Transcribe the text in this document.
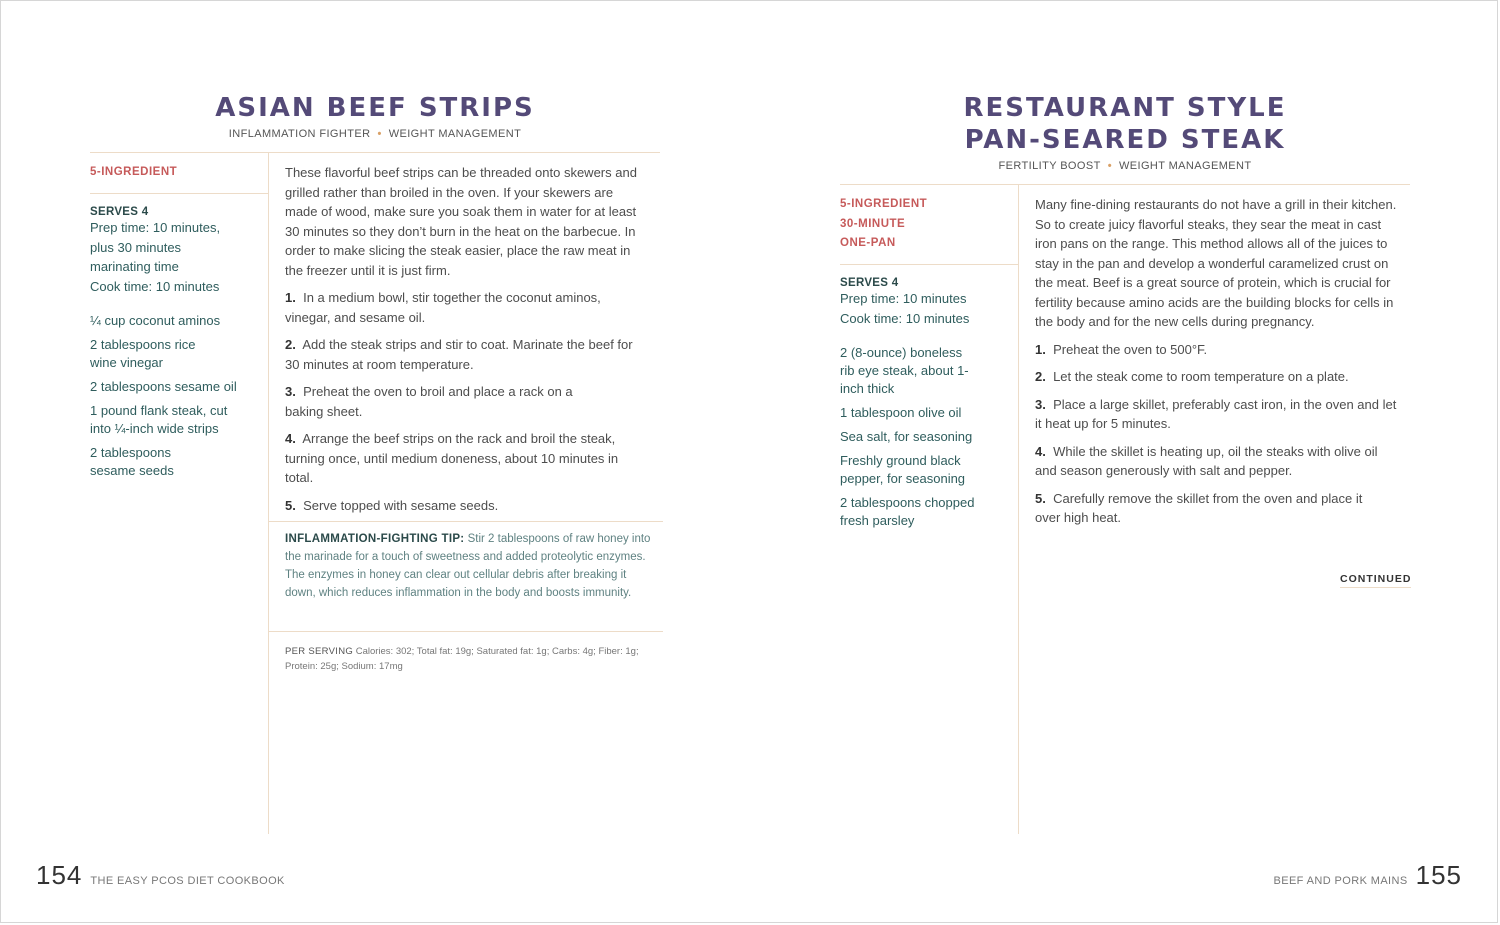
ASIAN BEEF STRIPS
INFLAMMATION FIGHTER • WEIGHT MANAGEMENT
5-INGREDIENT
SERVES 4
Prep time: 10 minutes,
plus 30 minutes
marinating time
Cook time: 10 minutes
¼ cup coconut aminos
2 tablespoons rice wine vinegar
2 tablespoons sesame oil
1 pound flank steak, cut into ¼-inch wide strips
2 tablespoons sesame seeds
These flavorful beef strips can be threaded onto skewers and grilled rather than broiled in the oven. If your skewers are made of wood, make sure you soak them in water for at least 30 minutes so they don’t burn in the heat on the barbecue. In order to make slicing the steak easier, place the raw meat in the freezer until it is just firm.
1. In a medium bowl, stir together the coconut aminos, vinegar, and sesame oil.
2. Add the steak strips and stir to coat. Marinate the beef for 30 minutes at room temperature.
3. Preheat the oven to broil and place a rack on a baking sheet.
4. Arrange the beef strips on the rack and broil the steak, turning once, until medium doneness, about 10 minutes in total.
5. Serve topped with sesame seeds.
INFLAMMATION-FIGHTING TIP: Stir 2 tablespoons of raw honey into the marinade for a touch of sweetness and added proteolytic enzymes. The enzymes in honey can clear out cellular debris after breaking it down, which reduces inflammation in the body and boosts immunity.
PER SERVING Calories: 302; Total fat: 19g; Saturated fat: 1g; Carbs: 4g; Fiber: 1g; Protein: 25g; Sodium: 17mg
154 THE EASY PCOS DIET COOKBOOK
RESTAURANT STYLE
PAN-SEARED STEAK
FERTILITY BOOST • WEIGHT MANAGEMENT
5-INGREDIENT
30-MINUTE
ONE-PAN
SERVES 4
Prep time: 10 minutes
Cook time: 10 minutes
2 (8-ounce) boneless rib eye steak, about 1-inch thick
1 tablespoon olive oil
Sea salt, for seasoning
Freshly ground black pepper, for seasoning
2 tablespoons chopped fresh parsley
Many fine-dining restaurants do not have a grill in their kitchen. So to create juicy flavorful steaks, they sear the meat in cast iron pans on the range. This method allows all of the juices to stay in the pan and develop a wonderful caramelized crust on the meat. Beef is a great source of protein, which is crucial for fertility because amino acids are the building blocks for cells in the body and for the new cells during pregnancy.
1. Preheat the oven to 500°F.
2. Let the steak come to room temperature on a plate.
3. Place a large skillet, preferably cast iron, in the oven and let it heat up for 5 minutes.
4. While the skillet is heating up, oil the steaks with olive oil and season generously with salt and pepper.
5. Carefully remove the skillet from the oven and place it over high heat.
CONTINUED
BEEF AND PORK MAINS 155
